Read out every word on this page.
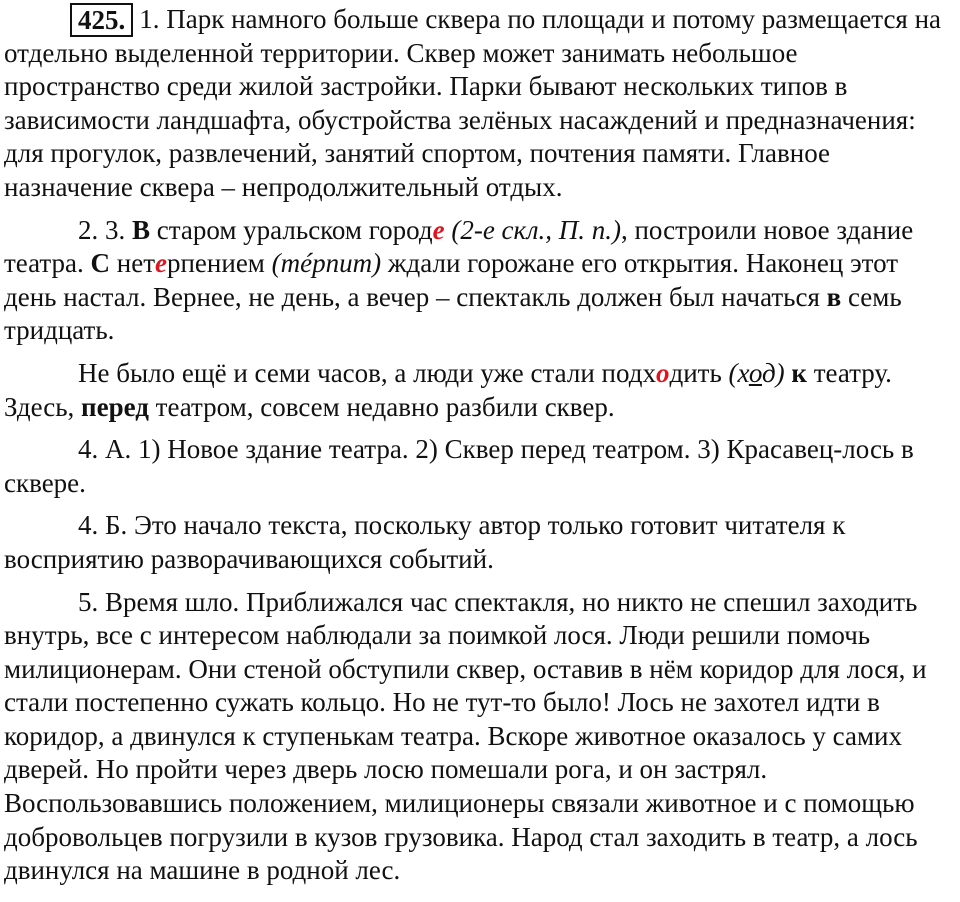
425. 1. Парк намного больше сквера по площади и потому размещается на отдельно выделенной территории. Сквер может занимать небольшое пространство среди жилой застройки. Парки бывают нескольких типов в зависимости ландшафта, обустройства зелёных насаждений и предназначения: для прогулок, развлечений, занятий спортом, почтения памяти. Главное назначение сквера – непродолжительный отдых.

2. 3. В старом уральском городе (2-е скл., П. п.), построили новое здание театра. С нетерпением (тéрпит) ждали горожане его открытия. Наконец этот день настал. Вернее, не день, а вечер – спектакль должен был начаться в семь тридцать.

Не было ещё и семи часов, а люди уже стали подходить (ход) к театру. Здесь, перед театром, совсем недавно разбили сквер.

4. А. 1) Новое здание театра. 2) Сквер перед театром. 3) Красавец-лось в сквере.

4. Б. Это начало текста, поскольку автор только готовит читателя к восприятию разворачивающихся событий.

5. Время шло. Приближался час спектакля, но никто не спешил заходить внутрь, все с интересом наблюдали за поимкой лося. Люди решили помочь милиционерам. Они стеной обступили сквер, оставив в нём коридор для лося, и стали постепенно сужать кольцо. Но не тут-то было! Лось не захотел идти в коридор, а двинулся к ступенькам театра. Вскоре животное оказалось у самих дверей. Но пройти через дверь лосю помешали рога, и он застрял. Воспользовавшись положением, милиционеры связали животное и с помощью добровольцев погрузили в кузов грузовика. Народ стал заходить в театр, а лось двинулся на машине в родной лес.
